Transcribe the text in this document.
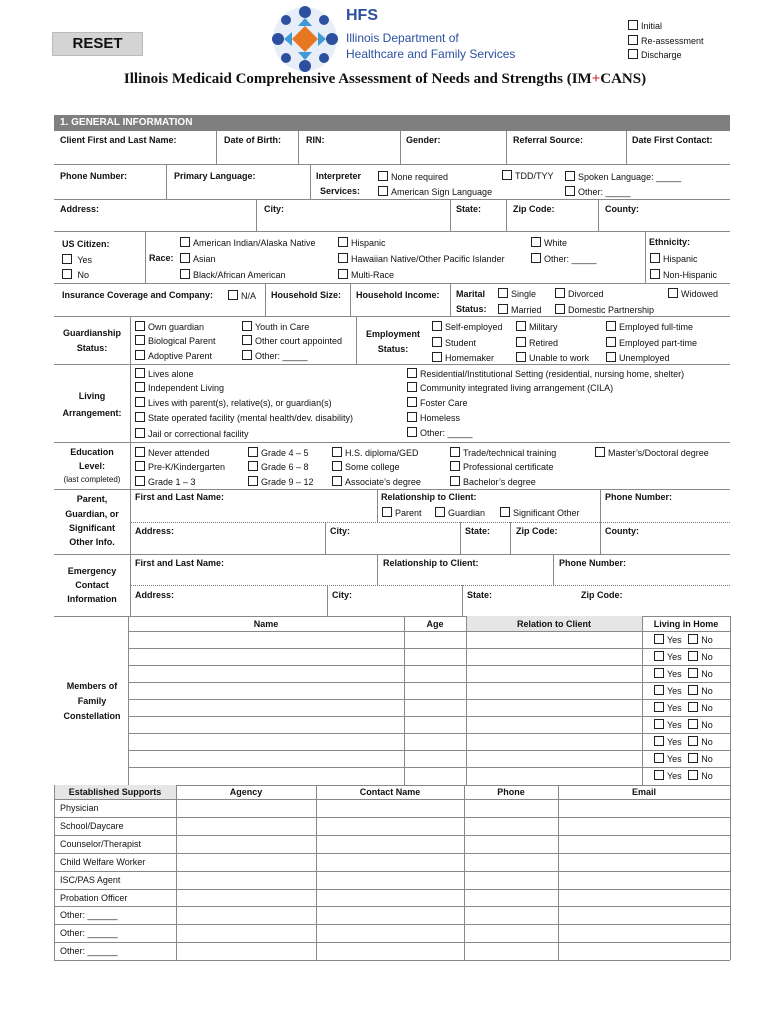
RESET
HFS
Illinois Department of
Healthcare and Family Services
Initial
Re-assessment
Discharge
Illinois Medicaid Comprehensive Assessment of Needs and Strengths (IM+CANS)
1. GENERAL INFORMATION
Client First and Last Name:	Date of Birth:	RIN:	Gender:	Referral Source:	Date First Contact:
Phone Number:	Primary Language:	Interpreter
Services:
None required
American Sign Language
TDD/TYY	Spoken Language: _____
Other: _____
Address:	City:	State:	Zip Code:	County:
US Citizen:
Yes
No
Race:
American Indian/Alaska Native
Asian
Black/African American
Hispanic
Hawaiian Native/Other Pacific Islander
Multi-Race
White
Other: _____
Ethnicity:
Hispanic
Non-Hispanic
Insurance Coverage and Company:	N/A Household Size: Household Income: Marital
Status:
Single
Married
Divorced
Domestic Partnership
Widowed
Guardianship
Status:
Own guardian
Biological Parent
Adoptive Parent
Youth in Care
Other court appointed
Other: _____
Employment
Status:
Self-employed
Student
Homemaker
Military
Retired
Unable to work
Employed full-time
Employed part-time
Unemployed
Living
Arrangement:
Lives alone
Independent Living
Lives with parent(s), relative(s), or guardian(s)
State operated facility (mental health/dev. disability)
Jail or correctional facility
Residential/Institutional Setting (residential, nursing home, shelter)
Community integrated living arrangement (CILA)
Foster Care
Homeless
Other: _____
Education
Level:
(last completed)
Never attended
Pre-K/Kindergarten
Grade 1 – 3
Grade 4 – 5
Grade 6 – 8
Grade 9 – 12
H.S. diploma/GED
Some college
Associate’s degree
Trade/technical training
Professional certificate
Bachelor’s degree
Master’s/Doctoral degree
Parent,
Guardian, or
Significant
Other Info.
First and Last Name:	Relationship to Client:	Phone Number:
Parent	Guardian	Significant Other
Address:	City:	State:	Zip Code:	County:
Emergency
Contact
Information
First and Last Name:	Relationship to Client:	Phone Number:
Address:	City:	State:	Zip Code:
Members of
Family
Constellation
Name	Age	Relation to Client	Living in Home
Yes No
Yes No
Yes No
Yes No
Yes No
Yes No
Yes No
Yes No
Yes No
Established Supports	Agency	Contact Name	Phone	Email
Physician
School/Daycare
Counselor/Therapist
Child Welfare Worker
ISC/PAS Agent
Probation Officer
Other: ______
Other: ______
Other: ______
